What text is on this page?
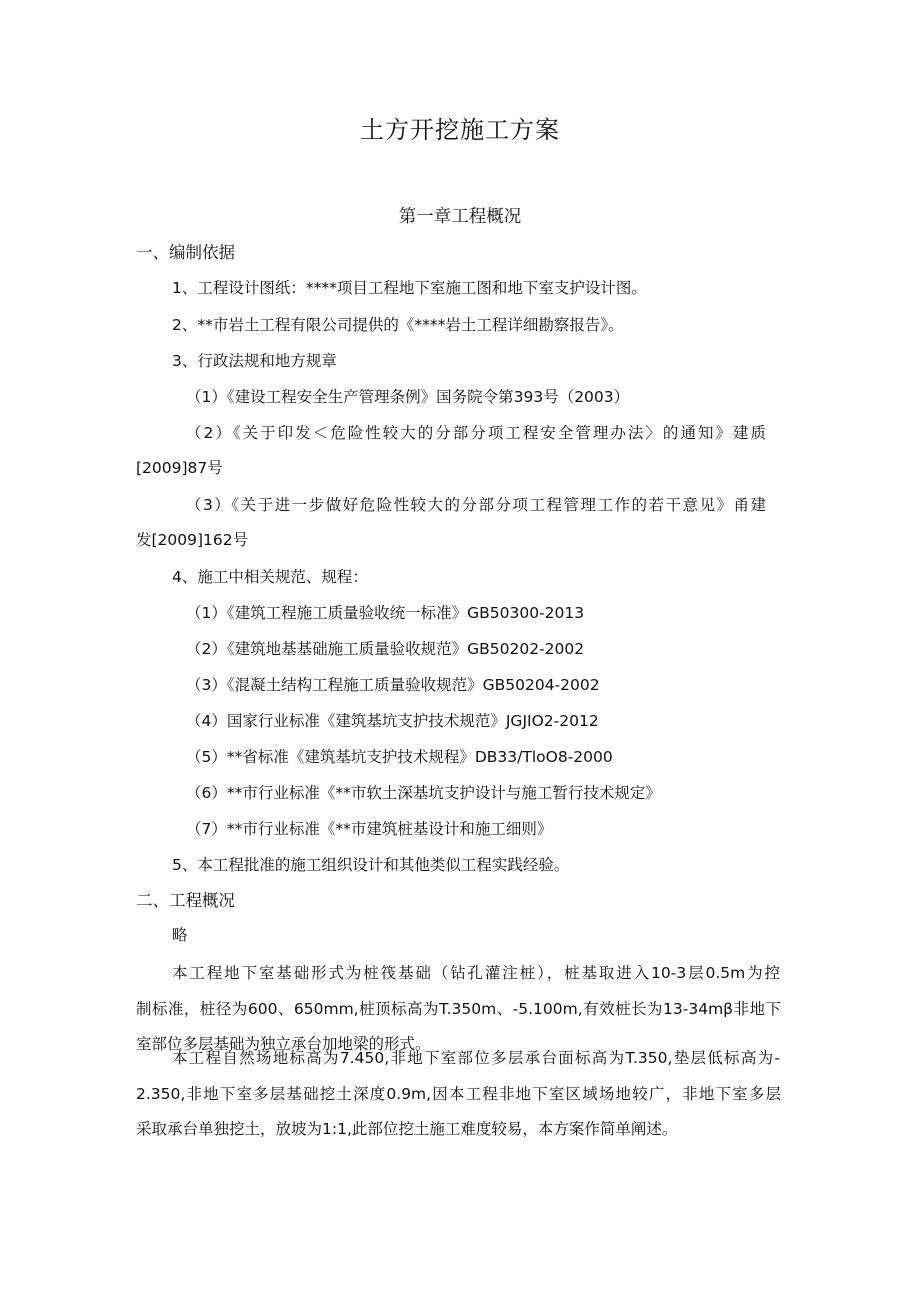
土方开挖施工方案
第一章工程概况

一、编制依据

1、工程设计图纸：****项目工程地下室施工图和地下室支护设计图。

2、**市岩土工程有限公司提供的《****岩土工程详细勘察报告》。

3、行政法规和地方规章

（1）《建设工程安全生产管理条例》国务院令第393号（2003）

（2）《关于印发＜危险性较大的分部分项工程安全管理办法〉的通知》建质

[2009]87号

（3）《关于进一步做好危险性较大的分部分项工程管理工作的若干意见》甬建

发[2009]162号

4、施工中相关规范、规程：

（1）《建筑工程施工质量验收统一标准》GB50300-2013

（2）《建筑地基基础施工质量验收规范》GB50202-2002

（3）《混凝土结构工程施工质量验收规范》GB50204-2002

（4）国家行业标准《建筑基坑支护技术规范》JGJIO2-2012

（5）**省标准《建筑基坑支护技术规程》DB33∕TloO8-2000

（6）**市行业标准《**市软土深基坑支护设计与施工暂行技术规定》

（7）**市行业标准《**市建筑桩基设计和施工细则》

5、本工程批准的施工组织设计和其他类似工程实践经验。

二、工程概况

略

本工程地下室基础形式为桩筏基础（钻孔灌注桩），桩基取进入10-3层0.5m为控

制标准，桩径为600、650mm,桩顶标高为T.350m、-5.100m,有效桩长为13-34mβ非地下

室部位多层基础为独立承台加地梁的形式。

本工程自然场地标高为7.450,非地下室部位多层承台面标高为T.350,垫层低标高为-

2.350,非地下室多层基础挖土深度0.9m,因本工程非地下室区域场地较广，非地下室多层

采取承台单独挖土，放坡为1:1,此部位挖土施工难度较易，本方案作简单阐述。
